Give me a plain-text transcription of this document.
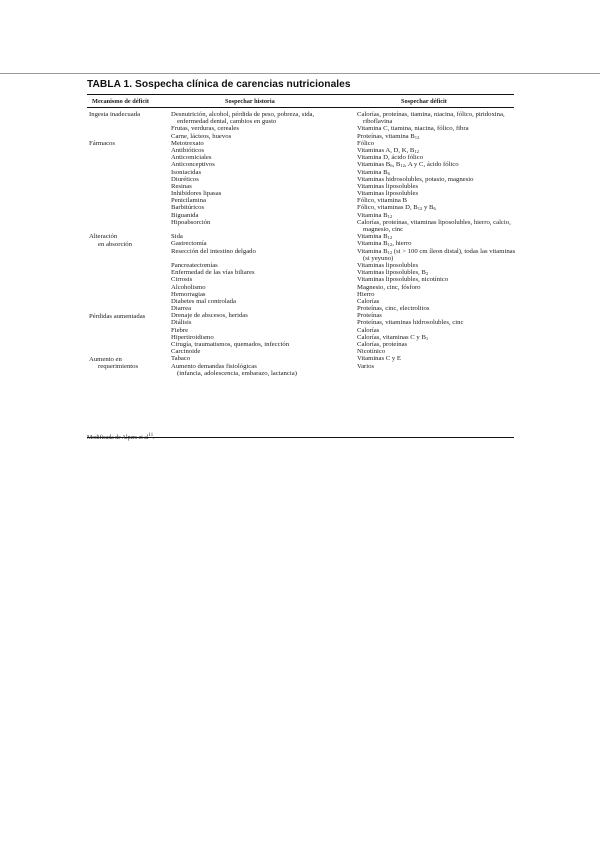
TABLA 1. Sospecha clínica de carencias nutricionales
Mecanismo de déficit	Sospechar historia	Sospechar déficit
Ingesta inadecuada
Fármacos
Alteración
en absorción
Pérdidas aumentadas
Aumento en
requerimientos
Desnutrición, alcohol, pérdida de peso, pobreza, sida,
enfermedad dental, cambios en gusto
Frutas, verduras, cereales
Carne, lácteos, huevos
Metotrexato
Antibióticos
Anticomiciales
Anticonceptivos
Isoniacidas
Diuréticos
Resinas
Inhibidores lipasas
Penicilamina
Barbitúricos
Biguanida
Hipoabsorción
Sida
Gastrectomía
Resección del intestino delgado
Pancreatectomías
Enfermedad de las vías biliares
Cirrosis
Alcoholismo
Hemorragias
Diabetes mal controlada
Diarrea
Drenaje de abscesos, heridas
Diálisis
Fiebre
Hipertiroidismo
Cirugía, traumatismos, quemados, infección
Carcinoide
Tabaco
Aumento demandas fisiológicas
(infancia, adolescencia, embarazo, lactancia)
Calorías, proteínas, tiamina, niacina, fólico, piridoxina,
riboflavina
Vitamina C, tiamina, niacina, fólico, fibra
Proteínas, vitamina $B_{12}$
Fólico
Vitaminas A, D, K, $B_{12}$
Vitamina D, ácido fólico
Vitaminas $B_6$, $B_{12}$, A y C, ácido fólico
Vitamina $B_6$
Vitaminas hidrosolubles, potasio, magnesio
Vitaminas liposolubles
Vitaminas liposolubles
Fólico, vitamina B
Fólico, vitaminas D, $B_{12}$ y $B_6$
Vitamina $B_{12}$
Calorías, proteínas, vitaminas liposolubles, hierro, calcio,
magnesio, cinc
Vitamina $B_{12}$
Vitamina $B_{12}$, hierro
Vitamina $B_{12}$ (si > 100 cm íleon distal), todas las vitaminas
(si yeyuno)
Vitaminas liposolubles
Vitaminas liposolubles, $B_2$
Vitaminas liposolubles, nicotínico
Magnesio, cinc, fósforo
Hierro
Calorías
Proteínas, cinc, electrolitos
Proteínas
Proteínas, vitaminas hidrosolubles, cinc
Calorías
Calorías, vitaminas C y $B_1$
Calorías, proteínas
Nicotínico
Vitaminas C y E
Varios
Modificada de Alpers et $al^{11}$.
